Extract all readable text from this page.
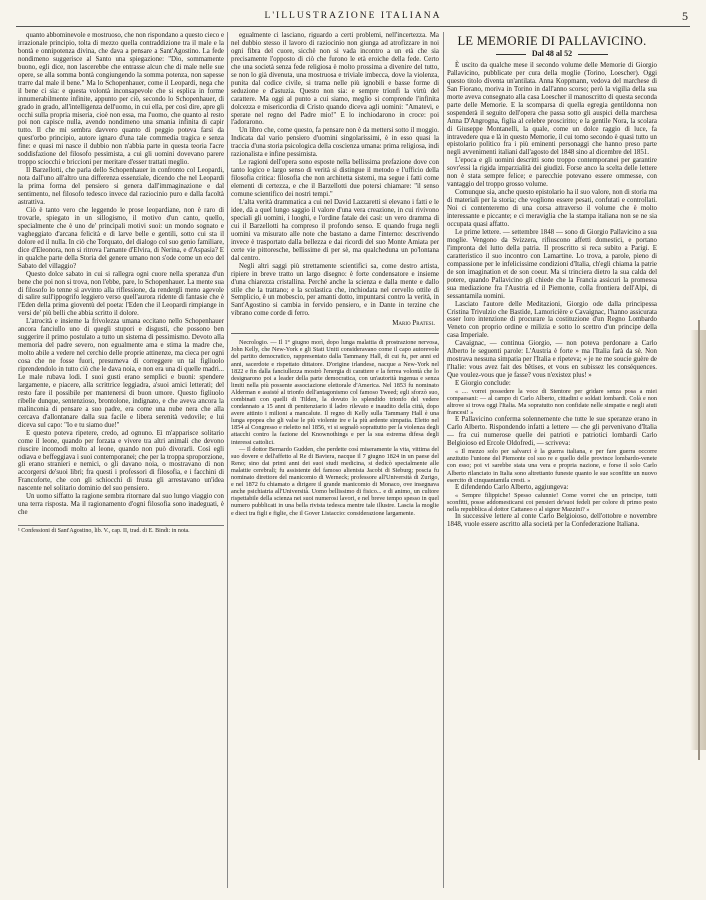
L'ILLUSTRAZIONE ITALIANA	5

quanto abbominevole e mostruoso, che non rispondano a questo cieco e irrazionale principio, tolta di mezzo quella contraddizione tra il male e la bontà e onnipotenza divina, che dava a pensare a Sant'Agostino. La fede nondimeno suggerisce al Santo una spiegazione: "Dio, sommamente buono, egli dice, non lascerebbe che entrasse alcun che di male nelle sue opere, se alla somma bontà congiungendo la somma potenza, non sapesse trarre dal male il bene." Ma lo Schopenhauer, come il Leopardi, nega che il bene ci sia: e questa volontà inconsapevole che si esplica in forme innumerabilmente infinite, appunto per ciò, secondo lo Schopenhauer, di grado in grado, all'intelligenza dell'uomo, in cui ella, per così dire, apre gli occhi sulla propria miseria, cioè non essa, ma l'uomo, che quanto al resto poi non capisce nulla, avendo nondimeno una smania infinita di capir tutto. Il che mi sembra davvero quanto di peggio poteva farsi da quest'orbo principio, autore ignaro d'una tale commedia tragica e senza fine: e quasi mi nasce il dubbio non n'abbia parte in questa teoria l'acre soddisfazione del filosofo pessimista, a cui gli uomini dovevano parere troppo sciocchi e briccioni per meritare d'esser trattati meglio.

Il Barzellotti, che parla dello Schopenhauer in confronto col Leopardi, nota dall'uno all'altro una differenza essenziale, dicendo che nel Leopardi la prima forma del pensiero si genera dall'immaginazione e dal sentimento, nel filosofo tedesco invece dal raziocinio puro e dalla facoltà astrattiva.

Ciò è tanto vero che leggendo le prose leopardiane, non è raro di trovarle, spiegato in un sillogismo, il motivo d'un canto, quello, specialmente che è uno de' principali motivi suoi: un mondo sognato e vagheggiato d'arcana felicità e di larve belle e gentili, sotto cui sta il dolore ed il nulla. In ciò che Torquato, del dialogo col suo genio familiare, dice d'Eleonora, non si ritrova l'amante d'Elvira, di Nerina, e d'Aspasia? E in qualche parte della Storia del genere umano non s'ode come un eco del Sabato del villaggio?

Questo dolce sabato in cui si rallegra ogni cuore nella speranza d'un bene che poi non si trova, non l'ebbe, pare, lo Schopenhauer. La mente sua di filosofo lo tenne sì avvinto alla riflessione, da rendergli meno agevole di salire sull'ippogrifo leggiero verso quell'aurora ridente di fantasie che è l'Eden della prima gioventù del poeta: l'Eden che il Leopardi rimpiange in versi de' più belli che abbia scritto il dolore.

L'atrocità e insieme la frivolezza umana eccitano nello Schopenhauer ancora fanciullo uno di quegli stupori e disgusti, che possono ben suggerire il primo postulato a tutto un sistema di pessimismo. Devoto alla memoria del padre severo, non egualmente ama e stima la madre che, molto abile a vedere nel cerchio delle proprie attinenze, ma cieca per ogni cosa che ne fosse fuori, presumeva di correggere un tal figliuolo riprendendolo in tutto ciò che le dava noia, e non era una di quelle madri... Le male rubava lodi. I suoi gusti erano semplici e buoni: spendere largamente, e piacere, alla scrittrice leggiadra, a'suoi amici letterati; del resto fare il possibile per mantenersi di buon umore. Questo figliuolo ribelle dunque, sentenzioso, brontolone, indignato, e che aveva ancora la malinconia di pensare a suo padre, era come una nube nera che alla cercava d'allontanare dalla sua facile e libera serenità vedovile; e lui diceva sul capo: "Io e tu siamo due!"

E questo poteva ripetere, credo, ad ognuno. Ei m'apparisce solitario come il leone, quando per forzata e vivere tra altri animali che devono riuscire incomodi molto al leone, quando non può divorarli. Così egli odiava e beffeggiava i suoi contemporanei; che per la troppa sproporzione, gli erano stranieri e nemici, o gli davano noia, o mostravano di non accorgersi de'suoi libri; fra questi i professori di filosofia, e i facchini di Francoforte, che con gli schiocchi di frusta gli arrestavano un'idea nascente nel solitario dominio del suo pensiero.

Un uomo siffatto la ragione sembra ritornare dal suo lungo viaggio con una terra risposta. Ma il ragionamento d'ogni filosofia sono inadeguati, è che

¹ Confessioni di Sant'Agostino, lib. V., cap. II, trad. di E. Bindi: in nota.

egualmente ci lasciano, riguardo a certi problemi, nell'incertezza. Ma nel dubbio stesso il lavoro di raziocinio non giunga ad atrofizzare in noi ogni fibra del cuore, sicchè non si vada incontro a un età che sia precisamente l'opposto di ciò che furono le età eroiche della fede. Certo che una società senza fede religiosa è molto prossima a divenire del tutto, se non lo già divenuta, una mostruosa e triviale imbecca, dove la violenza, punita dal codice civile, si trama nelle più ignobili e basse forme di seduzione e d'astuzia. Questo non sia: e sempre trionfi la virtù del carattere. Ma oggi al punto a cui siamo, meglio si comprende l'infinita dolcezza e misericordia di Cristo quando diceva agli uomini: "Amatevi, e sperate nel regno del Padre mio!" E lo inchiodarono in croce: poi l'adorarono.

Un libro che, come questo, fa pensare non è da mettersi sotto il moggio. Indicata dal vario pensiero d'uomini singolarissimi, è in esso quasi la traccia d'una storia psicologica della coscienza umana: prima religiosa, indi razionalista e infine pessimista.

Le ragioni dell'opera sono esposte nella bellissima prefazione dove con tanto logico e largo senso di verità si distingue il metodo e l'ufficio della filosofia critica: filosofia che non architetta sistemi, ma segue i fatti come elementi di certezza, e che il Barzellotti due potersi chiamare: "il senso comune scientifico dei nostri tempi."

L'alta verità drammatica a cui nel David Lazzaretti si elevano i fatti e le idee, dà a quel lungo saggio il valore d'una vera creazione, in cui rivivono speciali gli uomini, i luoghi, e l'ordine fatale dei casi: un vero dramma di cui il Barzellotti ha compreso il profondo senso. E quando fruga negli uomini va misurato alle note che bastano a darne l'interno: descrivendo invece è trasportato dalla bellezza e dai ricordi del suo Monte Amiata per certe vie pittoresche, bellissime di per sè, ma qualcheduna un po'lontana dal centro.

Negli altri saggi più strettamente scientifici sa, come destro artista, ripiere in breve tratto un largo disegno: è forte condensatore e insieme d'una chiarezza cristallina. Perché anche la scienza e dalla mente e dallo stile che la trattano; e la scolastica che, inchiodata nel cervello ottile di Semplicio, è un mobescio, per amanti dotto, impuntarsi contro la verità, in Sant'Agostino si cambia in fervido pensiero, e in Dante in terzine che vibrano come corde di ferro.

Mario Pratesi.

Necrologio. — Il 1° giugno morì, dopo lunga malattia di prostrazione nervosa, John Kelly, che New-York e gli Stati Uniti consideravano come il capo autorevole del partito democratico, rappresentato dalla Tammany Hall, di cui fu, per anni ed anni, sacerdote e rispettato dittatore. D'origine irlandese, nacque a New-York nel 1822 e fin dalla fanciullezza mostrò l'energia di carattere e la ferrea volontà che lo designarono poi a leader della parte democratica, con un'autorità ingenua e senza limiti nella più possente associazione elettorale d'America. Nel 1853 fu nominato Alderman e assisté al trionfo dell'antagonismo col famoso Tweed; egli sforzò suo, combinati con quelli di Tilden, la dovuto lo splendido trionfo del vedere condannato a 15 anni di penitenziario il ladro rilevato e inaudito della città, dopo avere attinto i milioni a mancalute. Il regno di Kelly sulla Tammany Hall è una lunga epopea che gli valse le più violente ire e la più ardente simpatia. Eletto nel 1854 al Congresso e rieletto nel 1856, vi si segnalò soprattutto per la violenza degli attacchi contro la fazione del Knownothings e per la sua estrema difesa degli interessi cattolici.

— Il dottor Bernardo Gudden, che perdette così miseramente la vita, vittima del suo dovere e dell'affetto al Re di Baviera, nacque il 7 giugno 1824 in un paese del Reno; sino dai primi anni dei suoi studi medicina, si dedicò specialmente alle malattie cerebrali; fu assistente del famoso alienista Jacobi di Sieburg; poscia fu nominato direttore del manicomio di Werneck; professore all'Università di Zurigo, e nel 1872 fu chiamato a dirigere il grande manicomio di Monaco, ove insegnava anche psichiatria all'Università. Uomo bellissimo di fisico... e di animo, un cultore rispettabile della scienza nei suoi numerosi lavori, e nel breve tempo spesso in quel numero pubblicati in una bella rivista tedesca mentre tale illustre. Lascia la moglie e dieci tra figli e figlie, che il Gover Listaccio: considerazione largamente.

LE MEMORIE DI PALLAVICINO.
Dal 48 al 52

È uscito da qualche mese il secondo volume delle Memorie di Giorgio Pallavicino, pubblicate per cura della moglie (Torino, Loescher). Oggi questo titolo diventa un'antilata. Anna Koppmann, vedova del marchese di San Fiorano, moriva in Torino in dall'anno scorso; però la vigilia della sua morte aveva consegnato alla casa Loescher il manoscritto di questa seconda parte delle Memorie. E la scomparsa di quella egregia gentildonna non sospenderà il seguito dell'opera che passa sotto gli auspici della marchesa Anna D'Angrogna, figlia al celebre prosciritto; e la gentile Nora, la scolara di Giuseppe Montanelli, la quale, come un dolce raggio di luce, fa intravedere qua e là in questo Memorie, il cui tomo secondo è quasi tutto un epistolario politico fra i più eminenti personaggi che hanno preso parte negli avvenimenti italiani dall'agosto del 1848 sino al dicembre del 1851.

L'epoca e gli uomini descritti sono troppo contemporanei per garantire sovr'essi la rigida imparzialità dei giudizi. Forse anco la scelta delle lettere non è stata sempre felice; e parecchie potevano essere ommesse, con vantaggio del troppo grosso volume.

Comunque sia, anche questo epistolario ha il suo valore, non di storia ma di materiali per la storia; che vogliono essere pesati, confutati e controllati. Noi ci contenteremo di una corsa attraverso il volume che è molto interessante e piccante; e ci meraviglia che la stampa italiana non se ne sia occupata quasi affatto.

Le prime lettere. — settembre 1848 — sono di Giorgio Pallavicino a sua moglie. Vengono da Svizzera, rifiuscono affetti domestici, e portano l'impronta del lutto della patria. Il proscritto si reca subito a Parigi. E caratteristico il suo incontro con Lamartine. Lo trova, a parole, pieno di compassione per le infelicissime condizioni d'Italia, ch'egli chiama la patrie de son imagination et de son coeur. Ma si trinciera dietro la sua calda del potere, quando Pallavicino gli chiede che la Francia assicuri la promessa sua mediazione fra l'Austria ed il Piemonte, colla frontiera dell'Alpi, di sessantamila uomini.

Lasciato l'autore delle Meditazioni, Giorgio ode dalla principessa Cristina Trivulzio che Bastide, Lamoricière e Cavaignac, l'hanno assicurata esser loro intenzione di procurare la costituzione d'un Regno Lombardo Veneto con proprio ordine e milizia e sotto lo scettro d'un principe della casa Imperiale.

Cavaignac, — continua Giorgio, — non poteva perdonare a Carlo Alberto le seguenti parole: L'Austria è forte » ma l'Italia farà da sè. Non mostrava nessuna simpatia per l'Italia e ripeteva; « je ne me soucie guère de l'Italie: vous avez fait des bêtises, et vous en subissez les conséquences. Que voulez-vous que je fasse? vous n'existez plus! »

E Giorgio conclude:

« .... vorrei possedere la voce di Stentore per gridare senza posa a miei compaesani: — al campo di Carlo Alberto, cittadini e soldati lombardi. Colà e non altrove si trova oggi l'Italia. Ma sopratutto non confidate nelle simpatie e negli aiuti francesi! »

E Pallavicino conferma solennemente che tutte le sue speranze erano in Carlo Alberto. Rispondendo infatti a lettere — che gli pervenivano d'Italia — fra cui numerose quelle dei patrioti e patriotici lombardi Carlo Belgioioso ed Ercole Oldofredi, — scriveva:

« Il mezzo solo per salvarci è la guerra italiana, e per fare guerra occorre anzitutto l'unione del Piemonte col suo re e quello delle province lombardo-venete con esso; poi vi sarebbe stata una vera e propria nazione, e forse il solo Carlo Alberto rilanciato in Italia sono altrettanto funeste quanto le sue sconfitte un nuovo esercito di cinquantamila cresti. »

E difendendo Carlo Alberto, aggiungeva:

« Sempre filippiche! Spesso calunnie! Come vorrei che un principe, tutti sconfitti, posse addomesticarsi coi pensieri de'suoi fedeli per colore di primo posto nella repubblica al dottor Cattaneo o al signor Mazzini? »

In successive lettere al conte Carlo Belgioioso, dell'ottobre e novembre 1848, vuole essere ascritto alla società per la Confederazione Italiana.
